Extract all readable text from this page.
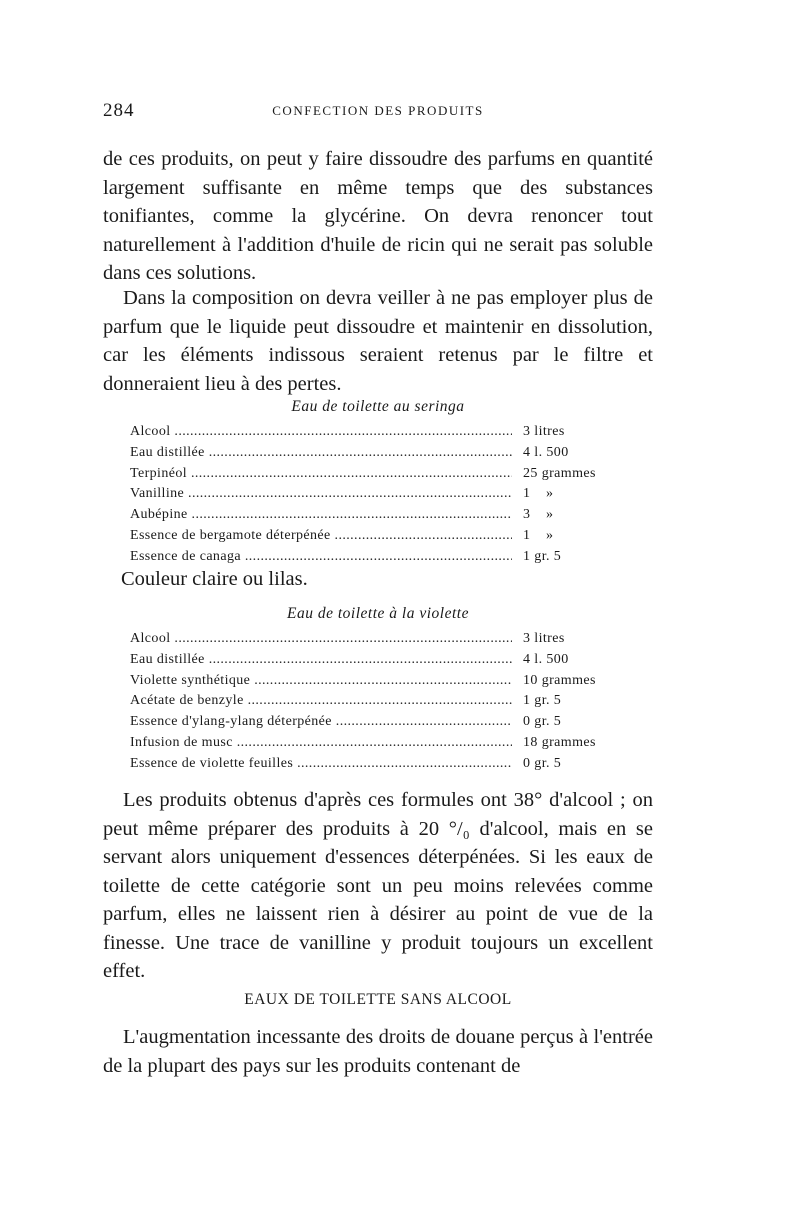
284	CONFECTION DES PRODUITS

de ces produits, on peut y faire dissoudre des parfums en quantité largement suffisante en même temps que des substances tonifiantes, comme la glycérine. On devra renoncer tout naturellement à l'addition d'huile de ricin qui ne serait pas soluble dans ces solutions.

Dans la composition on devra veiller à ne pas employer plus de parfum que le liquide peut dissoudre et maintenir en dissolution, car les éléments indissous seraient retenus par le filtre et donneraient lieu à des pertes.

Eau de toilette au seringa
Alcool .....	3 litres
Eau distillée .....	4 l. 500
Terpinéol .....	25 grammes
Vanilline .....	1    »
Aubépine .....	3    »
Essence de bergamote déterpénée .....	1    »
Essence de canaga .....	1 gr. 5
Couleur claire ou lilas.
Eau de toilette à la violette
Alcool .....	3 litres
Eau distillée .....	4 l. 500
Violette synthétique .....	10 grammes
Acétate de benzyle .....	1 gr. 5
Essence d'ylang-ylang déterpénée .....	0 gr. 5
Infusion de musc .....	18 grammes
Essence de violette feuilles .....	0 gr. 5

Les produits obtenus d'après ces formules ont 38° d'alcool ; on peut même préparer des produits à 20 °/₀ d'alcool, mais en se servant alors uniquement d'essences déterpénées. Si les eaux de toilette de cette catégorie sont un peu moins relevées comme parfum, elles ne laissent rien à désirer au point de vue de la finesse. Une trace de vanilline y produit toujours un excellent effet.

EAUX DE TOILETTE SANS ALCOOL

L'augmentation incessante des droits de douane perçus à l'entrée de la plupart des pays sur les produits contenant de
